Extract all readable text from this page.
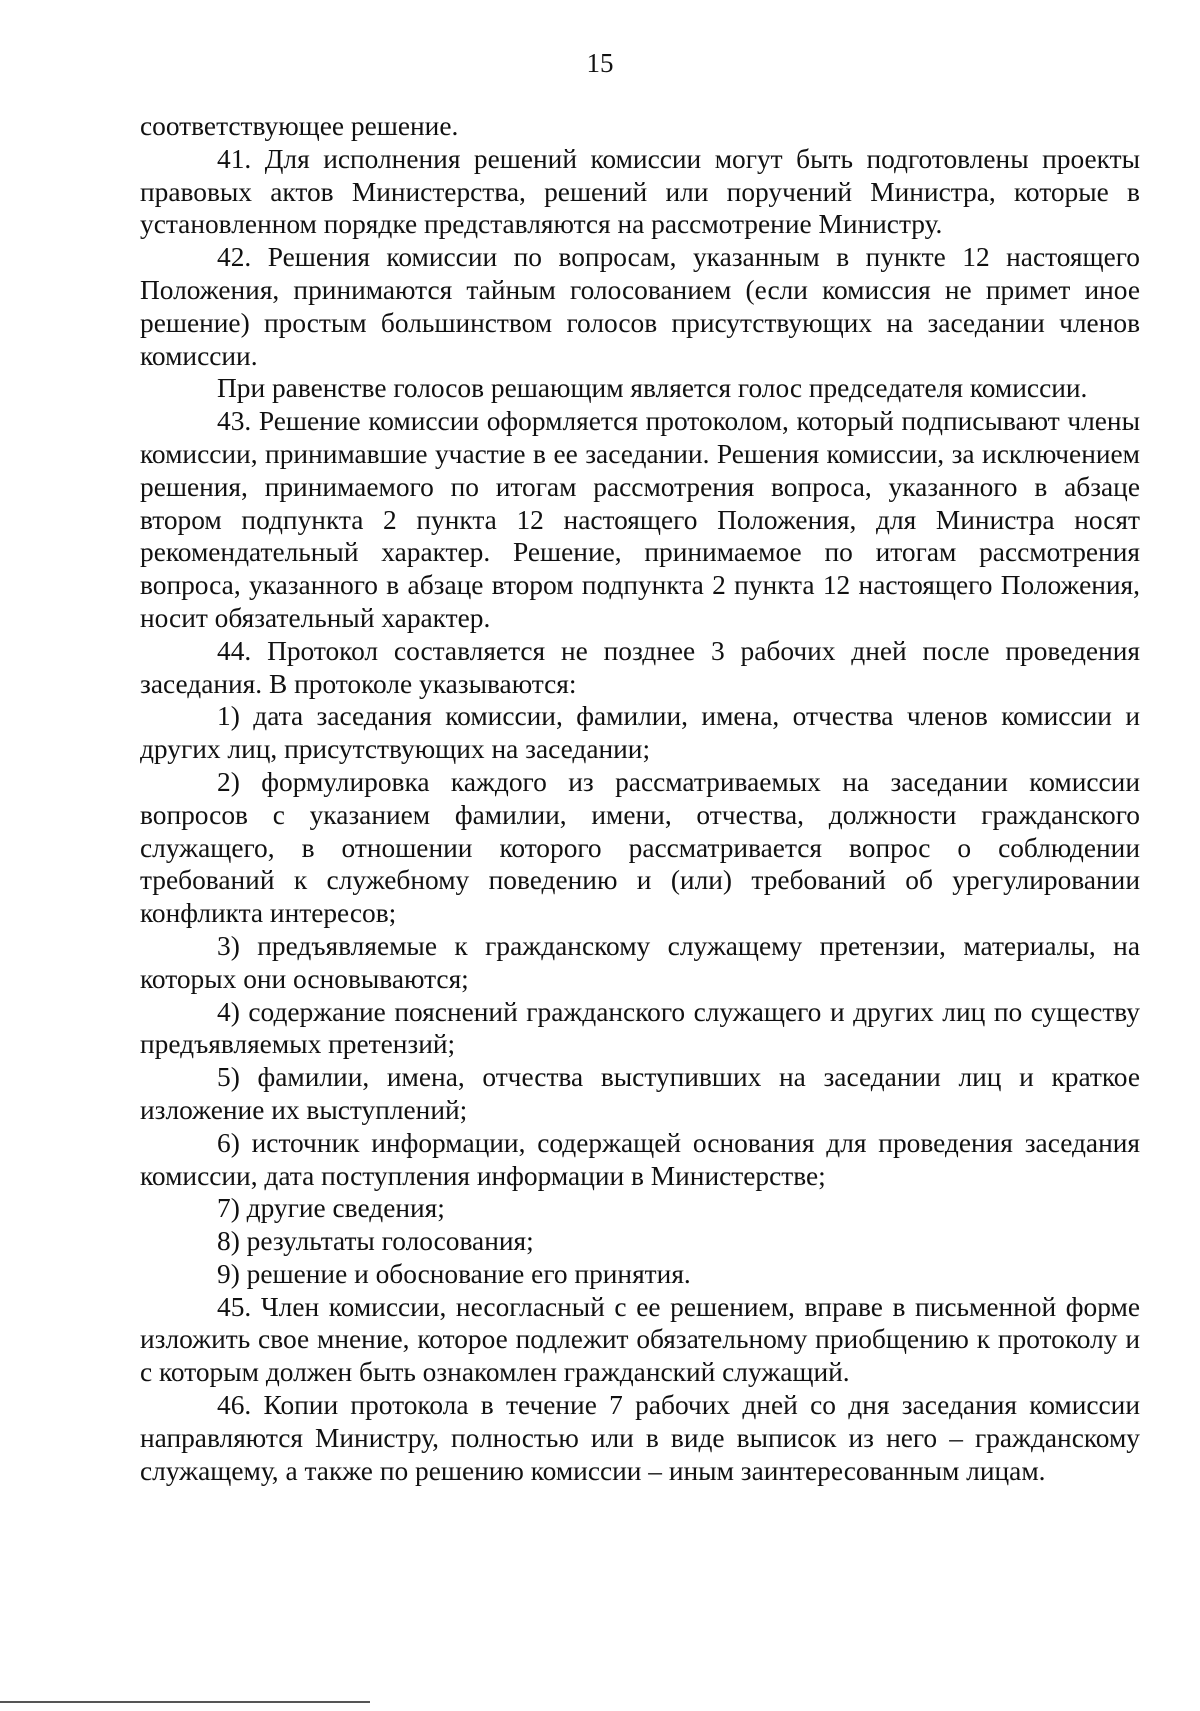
15

соответствующее решение.

41. Для исполнения решений комиссии могут быть подготовлены проекты правовых актов Министерства, решений или поручений Министра, которые в установленном порядке представляются на рассмотрение Министру.

42. Решения комиссии по вопросам, указанным в пункте 12 настоящего Положения, принимаются тайным голосованием (если комиссия не примет иное решение) простым большинством голосов присутствующих на заседании членов комиссии.

При равенстве голосов решающим является голос председателя комиссии.

43. Решение комиссии оформляется протоколом, который подписывают члены комиссии, принимавшие участие в ее заседании. Решения комиссии, за исключением решения, принимаемого по итогам рассмотрения вопроса, указанного в абзаце втором подпункта 2 пункта 12 настоящего Положения, для Министра носят рекомендательный характер. Решение, принимаемое по итогам рассмотрения вопроса, указанного в абзаце втором подпункта 2 пункта 12 настоящего Положения, носит обязательный характер.

44. Протокол составляется не позднее 3 рабочих дней после проведения заседания. В протоколе указываются:

1) дата заседания комиссии, фамилии, имена, отчества членов комиссии и других лиц, присутствующих на заседании;

2) формулировка каждого из рассматриваемых на заседании комиссии вопросов с указанием фамилии, имени, отчества, должности гражданского служащего, в отношении которого рассматривается вопрос о соблюдении требований к служебному поведению и (или) требований об урегулировании конфликта интересов;

3) предъявляемые к гражданскому служащему претензии, материалы, на которых они основываются;

4) содержание пояснений гражданского служащего и других лиц по существу предъявляемых претензий;

5) фамилии, имена, отчества выступивших на заседании лиц и краткое изложение их выступлений;

6) источник информации, содержащей основания для проведения заседания комиссии, дата поступления информации в Министерстве;

7) другие сведения;

8) результаты голосования;

9) решение и обоснование его принятия.

45. Член комиссии, несогласный с ее решением, вправе в письменной форме изложить свое мнение, которое подлежит обязательному приобщению к протоколу и с которым должен быть ознакомлен гражданский служащий.

46. Копии протокола в течение 7 рабочих дней со дня заседания комиссии направляются Министру, полностью или в виде выписок из него – гражданскому служащему, а также по решению комиссии – иным заинтересованным лицам.
